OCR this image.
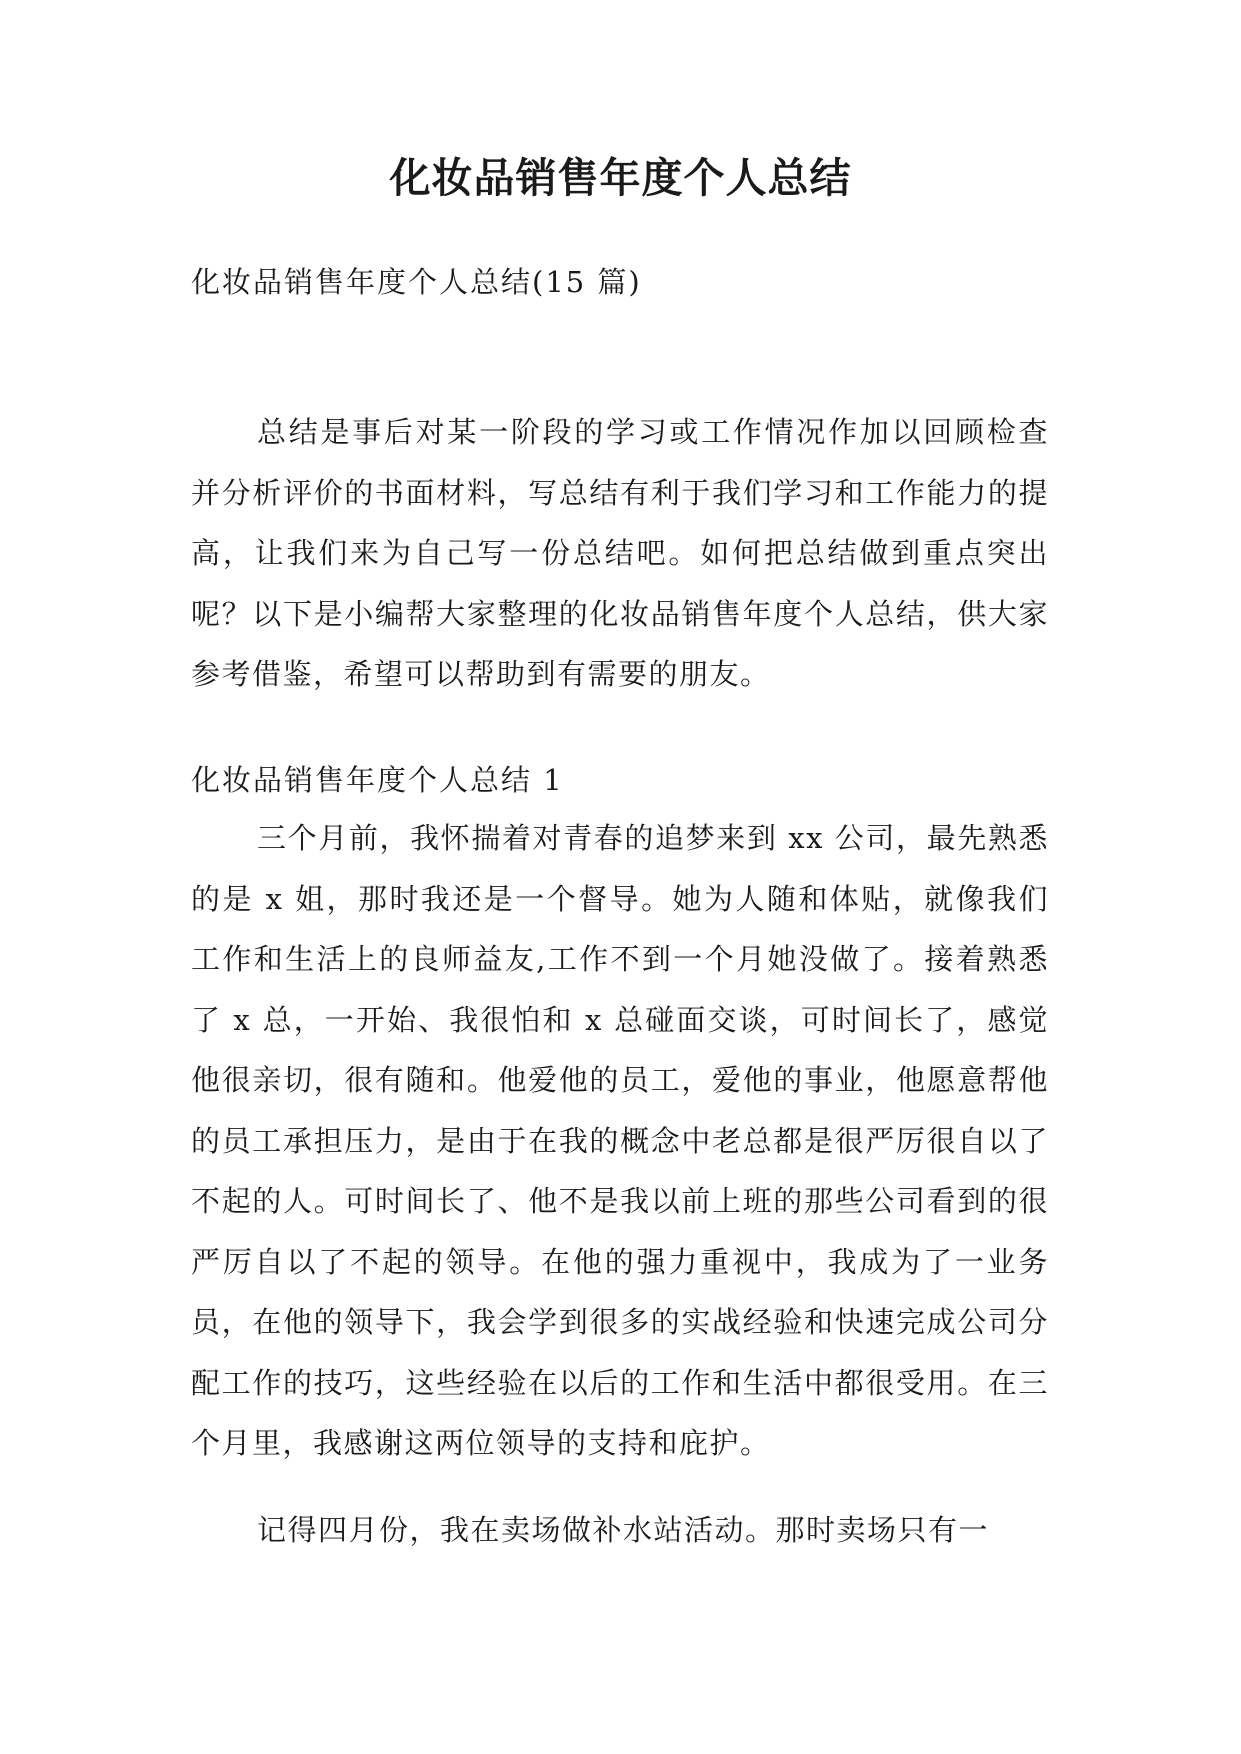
化妆品销售年度个人总结
化妆品销售年度个人总结(15 篇)
总结是事后对某一阶段的学习或工作情况作加以回顾检查并分析评价的书面材料，写总结有利于我们学习和工作能力的提高，让我们来为自己写一份总结吧。如何把总结做到重点突出呢？以下是小编帮大家整理的化妆品销售年度个人总结，供大家参考借鉴，希望可以帮助到有需要的朋友。
化妆品销售年度个人总结 1
三个月前，我怀揣着对青春的追梦来到 xx 公司，最先熟悉的是 x 姐，那时我还是一个督导。她为人随和体贴，就像我们工作和生活上的良师益友,工作不到一个月她没做了。接着熟悉了 x 总，一开始、我很怕和 x 总碰面交谈，可时间长了，感觉他很亲切，很有随和。他爱他的员工，爱他的事业，他愿意帮他的员工承担压力，是由于在我的概念中老总都是很严厉很自以了不起的人。可时间长了、他不是我以前上班的那些公司看到的很严厉自以了不起的领导。在他的强力重视中，我成为了一业务员，在他的领导下，我会学到很多的实战经验和快速完成公司分配工作的技巧，这些经验在以后的工作和生活中都很受用。在三个月里，我感谢这两位领导的支持和庇护。
记得四月份，我在卖场做补水站活动。那时卖场只有一
